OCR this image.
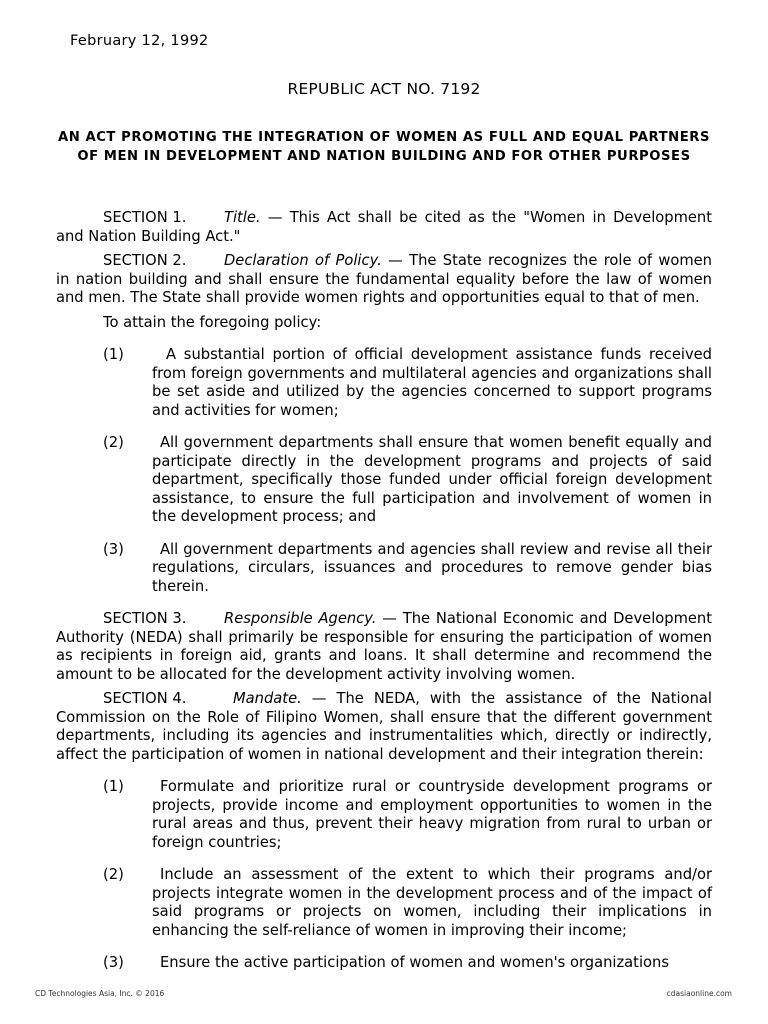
February 12, 1992
REPUBLIC ACT NO. 7192
AN ACT PROMOTING THE INTEGRATION OF WOMEN AS FULL AND EQUAL PARTNERS OF MEN IN DEVELOPMENT AND NATION BUILDING AND FOR OTHER PURPOSES

SECTION 1.	Title. — This Act shall be cited as the "Women in Development and Nation Building Act."

SECTION 2.	Declaration of Policy. — The State recognizes the role of women in nation building and shall ensure the fundamental equality before the law of women and men. The State shall provide women rights and opportunities equal to that of men.

To attain the foregoing policy:
(1)	A substantial portion of official development assistance funds received from foreign governments and multilateral agencies and organizations shall be set aside and utilized by the agencies concerned to support programs and activities for women;
(2)	All government departments shall ensure that women benefit equally and participate directly in the development programs and projects of said department, specifically those funded under official foreign development assistance, to ensure the full participation and involvement of women in the development process; and
(3)	All government departments and agencies shall review and revise all their regulations, circulars, issuances and procedures to remove gender bias therein.

SECTION 3.	Responsible Agency. — The National Economic and Development Authority (NEDA) shall primarily be responsible for ensuring the participation of women as recipients in foreign aid, grants and loans. It shall determine and recommend the amount to be allocated for the development activity involving women.

SECTION 4.	Mandate. — The NEDA, with the assistance of the National Commission on the Role of Filipino Women, shall ensure that the different government departments, including its agencies and instrumentalities which, directly or indirectly, affect the participation of women in national development and their integration therein:

(1)	Formulate and prioritize rural or countryside development programs or projects, provide income and employment opportunities to women in the rural areas and thus, prevent their heavy migration from rural to urban or foreign countries;
(2)	Include an assessment of the extent to which their programs and/or projects integrate women in the development process and of the impact of said programs or projects on women, including their implications in enhancing the self-reliance of women in improving their income;
(3)	Ensure the active participation of women and women's organizations
CD Technologies Asia, Inc. © 2016	cdasiaonline.com
